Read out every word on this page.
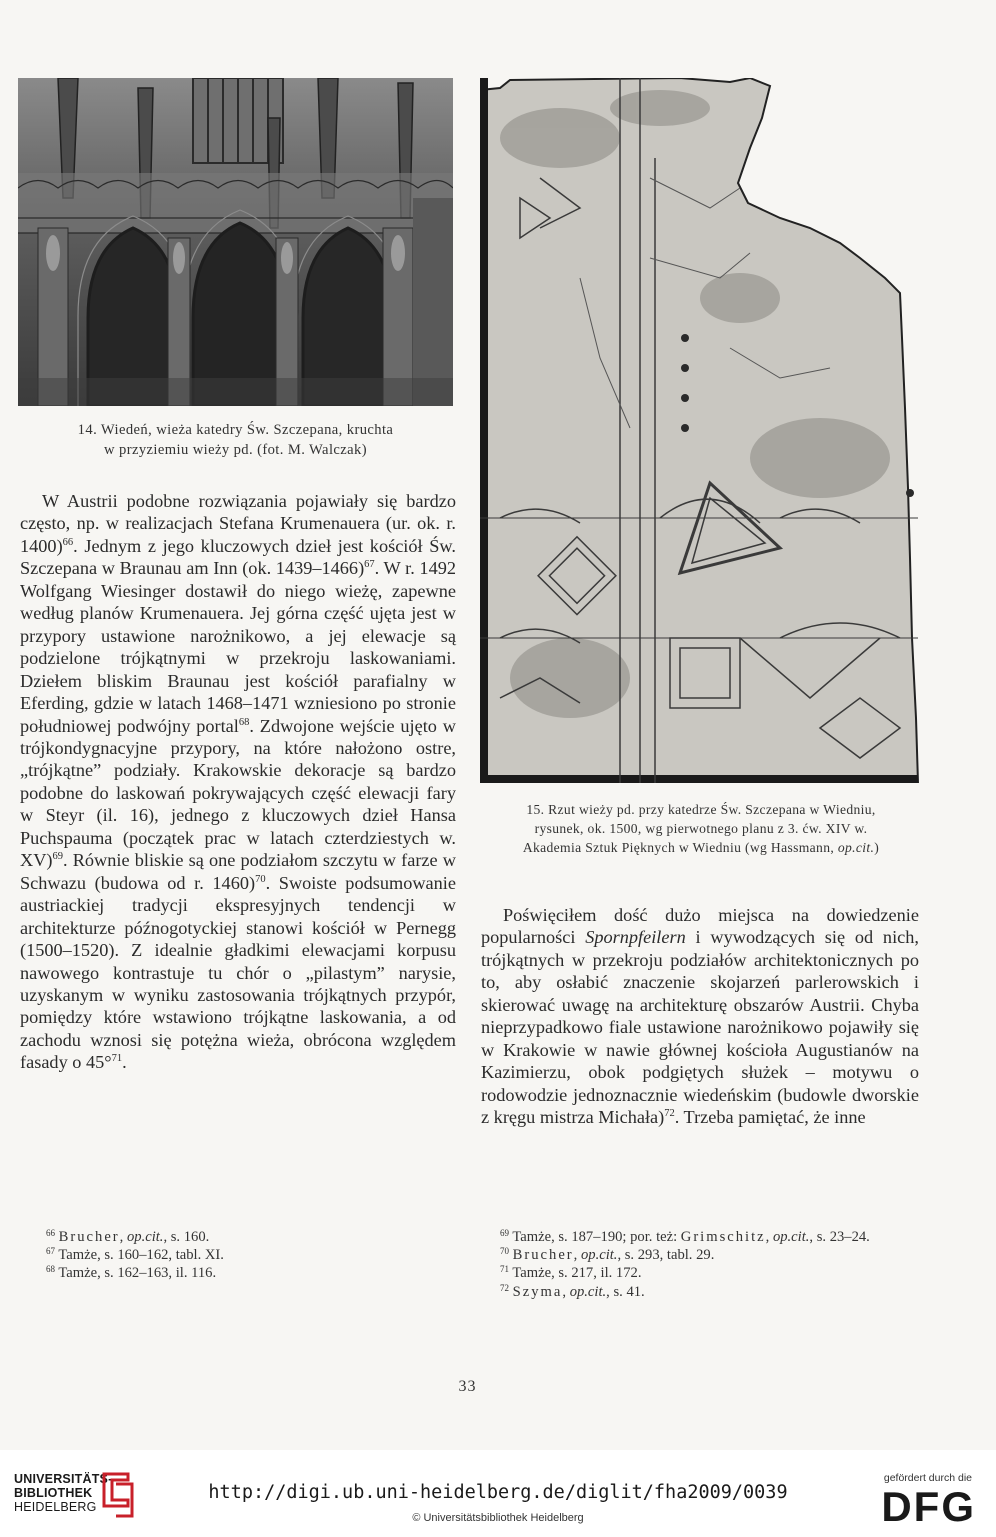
14. Wiedeń, wieża katedry Św. Szczepana, kruchta
w przyziemiu wieży pd. (fot. M. Walczak)
15. Rzut wieży pd. przy katedrze Św. Szczepana w Wiedniu,
rysunek, ok. 1500, wg pierwotnego planu z 3. ćw. XIV w.
Akademia Sztuk Pięknych w Wiedniu (wg Hassmann, op.cit.)

W Austrii podobne rozwiązania pojawiały się bardzo często, np. w realizacjach Stefana Krumenauera (ur. ok. r. 1400)$^{66}$. Jednym z jego kluczowych dzieł jest kościół Św. Szczepana w Braunau am Inn (ok. 1439–1466)$^{67}$. W r. 1492 Wolfgang Wiesinger dostawił do niego wieżę, zapewne według planów Krumenauera. Jej górna część ujęta jest w przypory ustawione narożnikowo, a jej elewacje są podzielone trójkątnymi w przekroju laskowaniami. Dziełem bliskim Braunau jest kościół parafialny w Eferding, gdzie w latach 1468–1471 wzniesiono po stronie południowej podwójny portal$^{68}$. Zdwojone wejście ujęto w trójkondygnacyjne przypory, na które nałożono ostre, „trójkątne” podziały. Krakowskie dekoracje są bardzo podobne do laskowań pokrywających część elewacji fary w Steyr (il. 16), jednego z kluczowych dzieł Hansa Puchspauma (początek prac w latach czterdziestych w. XV)$^{69}$. Równie bliskie są one podziałom szczytu w farze w Schwazu (budowa od r. 1460)$^{70}$. Swoiste podsumowanie austriackiej tradycji ekspresyjnych tendencji w architekturze późnogotyckiej stanowi kościół w Pernegg (1500–1520). Z idealnie gładkimi elewacjami korpusu nawowego kontrastuje tu chór o „pilastym” narysie, uzyskanym w wyniku zastosowania trójkątnych przypór, pomiędzy które wstawiono trójkątne laskowania, a od zachodu wznosi się potężna wieża, obrócona względem fasady o 45°$^{71}$.

Poświęciłem dość dużo miejsca na dowiedzenie popularności Spornpfeilern i wywodzących się od nich, trójkątnych w przekroju podziałów architektonicznych po to, aby osłabić znaczenie skojarzeń parlerowskich i skierować uwagę na architekturę obszarów Austrii. Chyba nieprzypadkowo fiale ustawione narożnikowo pojawiły się w Krakowie w nawie głównej kościoła Augustianów na Kazimierzu, obok podgiętych służek – motywu o rodowodzie jednoznacznie wiedeńskim (budowle dworskie z kręgu mistrza Michała)$^{72}$. Trzeba pamiętać, że inne

$^{66}$ Brucher, op.cit., s. 160.

$^{67}$ Tamże, s. 160–162, tabl. XI.

$^{68}$ Tamże, s. 162–163, il. 116.

$^{69}$ Tamże, s. 187–190; por. też: Grimschitz, op.cit., s. 23–24.

$^{70}$ Brucher, op.cit., s. 293, tabl. 29.

$^{71}$ Tamże, s. 217, il. 172.

$^{72}$ Szyma, op.cit., s. 41.

33
UNIVERSITÄTS-
BIBLIOTHEK
HEIDELBERG
http://digi.ub.uni-heidelberg.de/diglit/fha2009/0039
© Universitätsbibliothek Heidelberg
gefördert durch die
DFG
